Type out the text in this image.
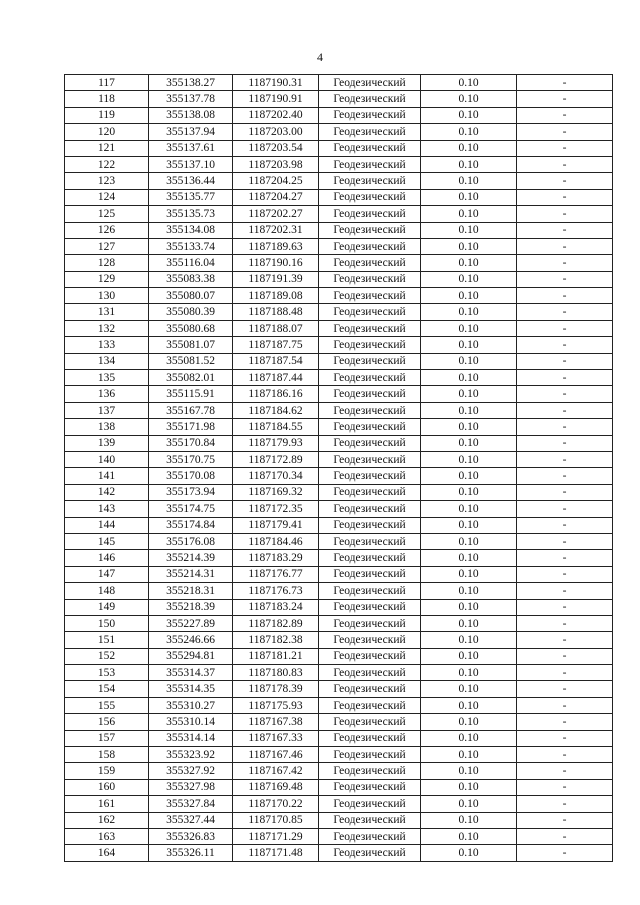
4
117	355138.27	1187190.31	Геодезический	0.10	-
118	355137.78	1187190.91	Геодезический	0.10	-
119	355138.08	1187202.40	Геодезический	0.10	-
120	355137.94	1187203.00	Геодезический	0.10	-
121	355137.61	1187203.54	Геодезический	0.10	-
122	355137.10	1187203.98	Геодезический	0.10	-
123	355136.44	1187204.25	Геодезический	0.10	-
124	355135.77	1187204.27	Геодезический	0.10	-
125	355135.73	1187202.27	Геодезический	0.10	-
126	355134.08	1187202.31	Геодезический	0.10	-
127	355133.74	1187189.63	Геодезический	0.10	-
128	355116.04	1187190.16	Геодезический	0.10	-
129	355083.38	1187191.39	Геодезический	0.10	-
130	355080.07	1187189.08	Геодезический	0.10	-
131	355080.39	1187188.48	Геодезический	0.10	-
132	355080.68	1187188.07	Геодезический	0.10	-
133	355081.07	1187187.75	Геодезический	0.10	-
134	355081.52	1187187.54	Геодезический	0.10	-
135	355082.01	1187187.44	Геодезический	0.10	-
136	355115.91	1187186.16	Геодезический	0.10	-
137	355167.78	1187184.62	Геодезический	0.10	-
138	355171.98	1187184.55	Геодезический	0.10	-
139	355170.84	1187179.93	Геодезический	0.10	-
140	355170.75	1187172.89	Геодезический	0.10	-
141	355170.08	1187170.34	Геодезический	0.10	-
142	355173.94	1187169.32	Геодезический	0.10	-
143	355174.75	1187172.35	Геодезический	0.10	-
144	355174.84	1187179.41	Геодезический	0.10	-
145	355176.08	1187184.46	Геодезический	0.10	-
146	355214.39	1187183.29	Геодезический	0.10	-
147	355214.31	1187176.77	Геодезический	0.10	-
148	355218.31	1187176.73	Геодезический	0.10	-
149	355218.39	1187183.24	Геодезический	0.10	-
150	355227.89	1187182.89	Геодезический	0.10	-
151	355246.66	1187182.38	Геодезический	0.10	-
152	355294.81	1187181.21	Геодезический	0.10	-
153	355314.37	1187180.83	Геодезический	0.10	-
154	355314.35	1187178.39	Геодезический	0.10	-
155	355310.27	1187175.93	Геодезический	0.10	-
156	355310.14	1187167.38	Геодезический	0.10	-
157	355314.14	1187167.33	Геодезический	0.10	-
158	355323.92	1187167.46	Геодезический	0.10	-
159	355327.92	1187167.42	Геодезический	0.10	-
160	355327.98	1187169.48	Геодезический	0.10	-
161	355327.84	1187170.22	Геодезический	0.10	-
162	355327.44	1187170.85	Геодезический	0.10	-
163	355326.83	1187171.29	Геодезический	0.10	-
164	355326.11	1187171.48	Геодезический	0.10	-
